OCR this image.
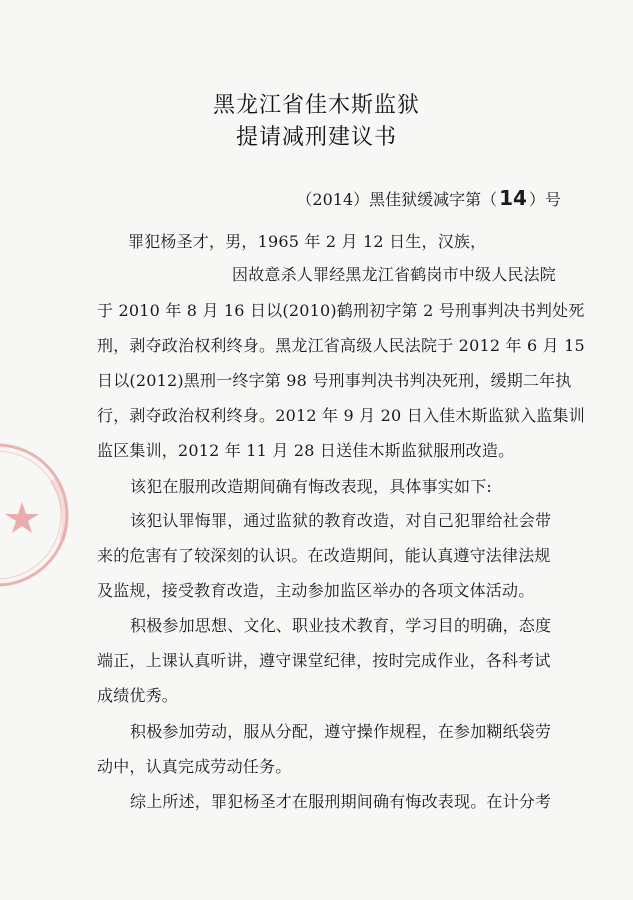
黑龙江省佳木斯监狱
提请减刑建议书
（2014）黑佳狱缓减字第（ 14 ）号
罪犯杨圣才，男，1965 年 2 月 12 日生，汉族，
因故意杀人罪经黑龙江省鹤岗市中级人民法院
于 2010 年 8 月 16 日以(2010)鹤刑初字第 2 号刑事判决书判处死
刑，剥夺政治权利终身。黑龙江省高级人民法院于 2012 年 6 月 15
日以(2012)黑刑一终字第 98 号刑事判决书判决死刑，缓期二年执
行，剥夺政治权利终身。2012 年 9 月 20 日入佳木斯监狱入监集训
监区集训，2012 年 11 月 28 日送佳木斯监狱服刑改造。
该犯在服刑改造期间确有悔改表现，具体事实如下:
该犯认罪悔罪，通过监狱的教育改造，对自己犯罪给社会带
来的危害有了较深刻的认识。在改造期间，能认真遵守法律法规
及监规，接受教育改造，主动参加监区举办的各项文体活动。
积极参加思想、文化、职业技术教育，学习目的明确，态度
端正，上课认真听讲，遵守课堂纪律，按时完成作业，各科考试
成绩优秀。
积极参加劳动，服从分配，遵守操作规程，在参加糊纸袋劳
动中，认真完成劳动任务。
综上所述，罪犯杨圣才在服刑期间确有悔改表现。在计分考
